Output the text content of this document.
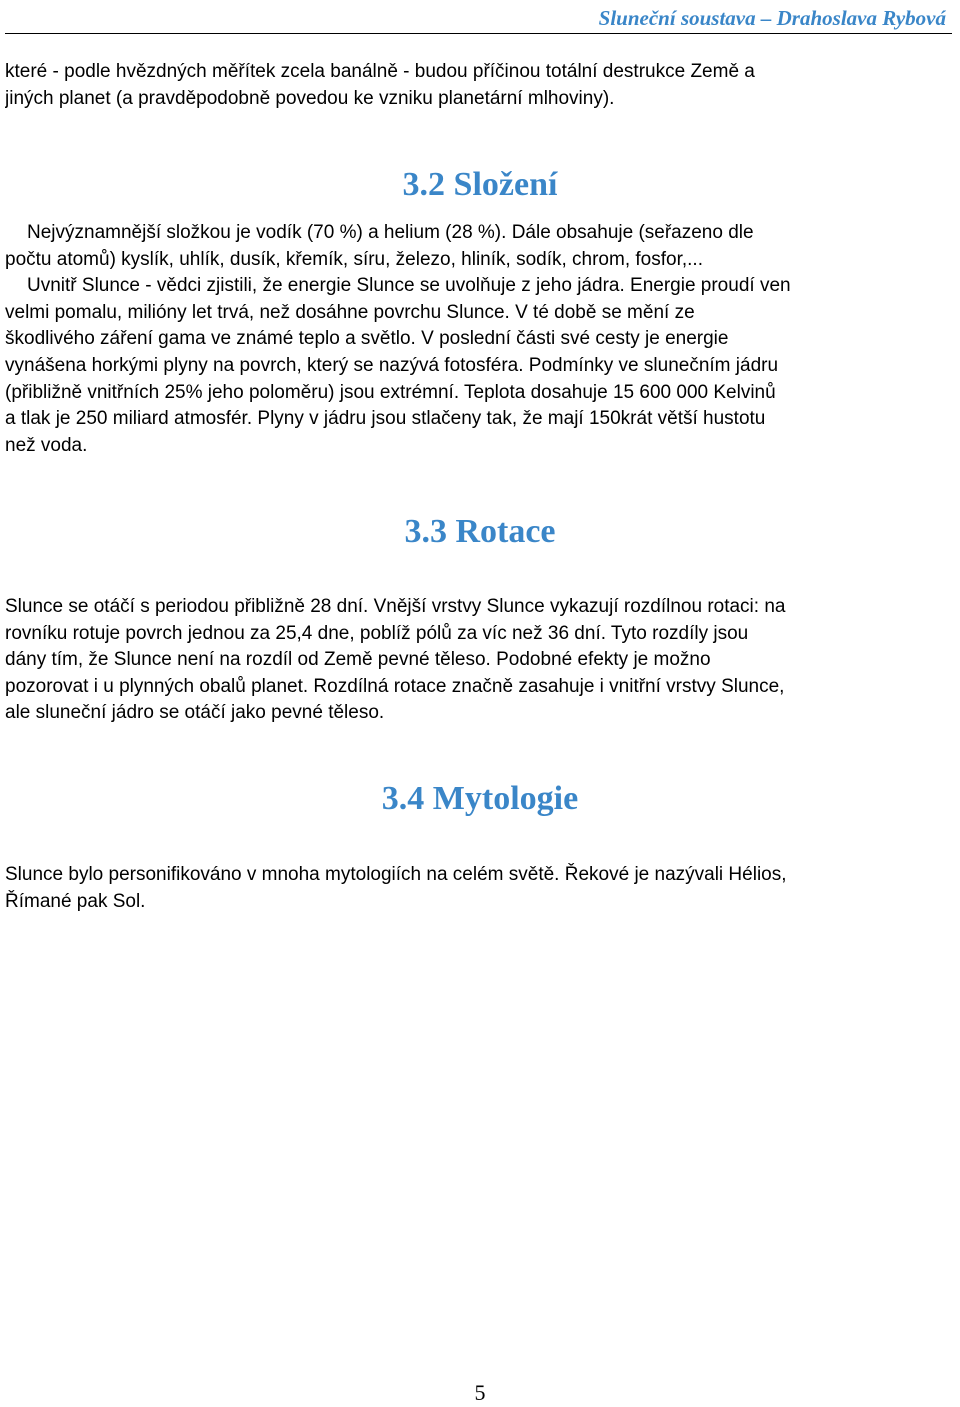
Sluneční soustava – Drahoslava Rybová
které - podle hvězdných měřítek zcela banálně - budou příčinou totální destrukce Země a
jiných planet (a pravděpodobně povedou ke vzniku planetární mlhoviny).
3.2 Složení
Nejvýznamnější složkou je vodík (70 %) a helium (28 %). Dále obsahuje (seřazeno dle
počtu atomů) kyslík, uhlík, dusík, křemík, síru, železo, hliník, sodík, chrom, fosfor,...
Uvnitř Slunce - vědci zjistili, že energie Slunce se uvolňuje z jeho jádra. Energie proudí ven
velmi pomalu, milióny let trvá, než dosáhne povrchu Slunce. V té době se mění ze
škodlivého záření gama ve známé teplo a světlo. V poslední části své cesty je energie
vynášena horkými plyny na povrch, který se nazývá fotosféra. Podmínky ve slunečním jádru
(přibližně vnitřních 25% jeho poloměru) jsou extrémní. Teplota dosahuje 15 600 000 Kelvinů
a tlak je 250 miliard atmosfér. Plyny v jádru jsou stlačeny tak, že mají 150krát větší hustotu
než voda.
3.3 Rotace
Slunce se otáčí s periodou přibližně 28 dní. Vnější vrstvy Slunce vykazují rozdílnou rotaci: na
rovníku rotuje povrch jednou za 25,4 dne, poblíž pólů za víc než 36 dní. Tyto rozdíly jsou
dány tím, že Slunce není na rozdíl od Země pevné těleso. Podobné efekty je možno
pozorovat i u plynných obalů planet. Rozdílná rotace značně zasahuje i vnitřní vrstvy Slunce,
ale sluneční jádro se otáčí jako pevné těleso.
3.4 Mytologie
Slunce bylo personifikováno v mnoha mytologiích na celém světě. Řekové je nazývali Hélios,
Římané pak Sol.
5
